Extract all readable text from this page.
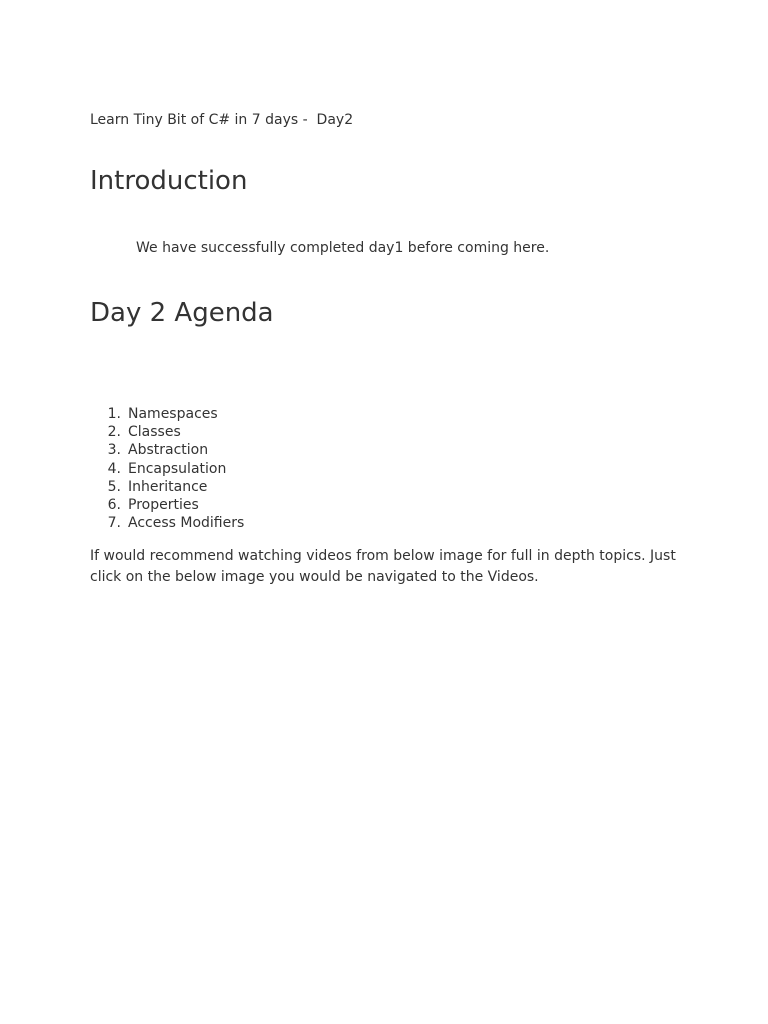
Learn Tiny Bit of C# in 7 days -  Day2
Introduction

We have successfully completed day1 before coming here.

Day 2 Agenda
1. Namespaces
2. Classes
3. Abstraction
4. Encapsulation
5. Inheritance
6. Properties
7. Access Modifiers

If would recommend watching videos from below image for full in depth topics. Just click on the below image you would be navigated to the Videos.
